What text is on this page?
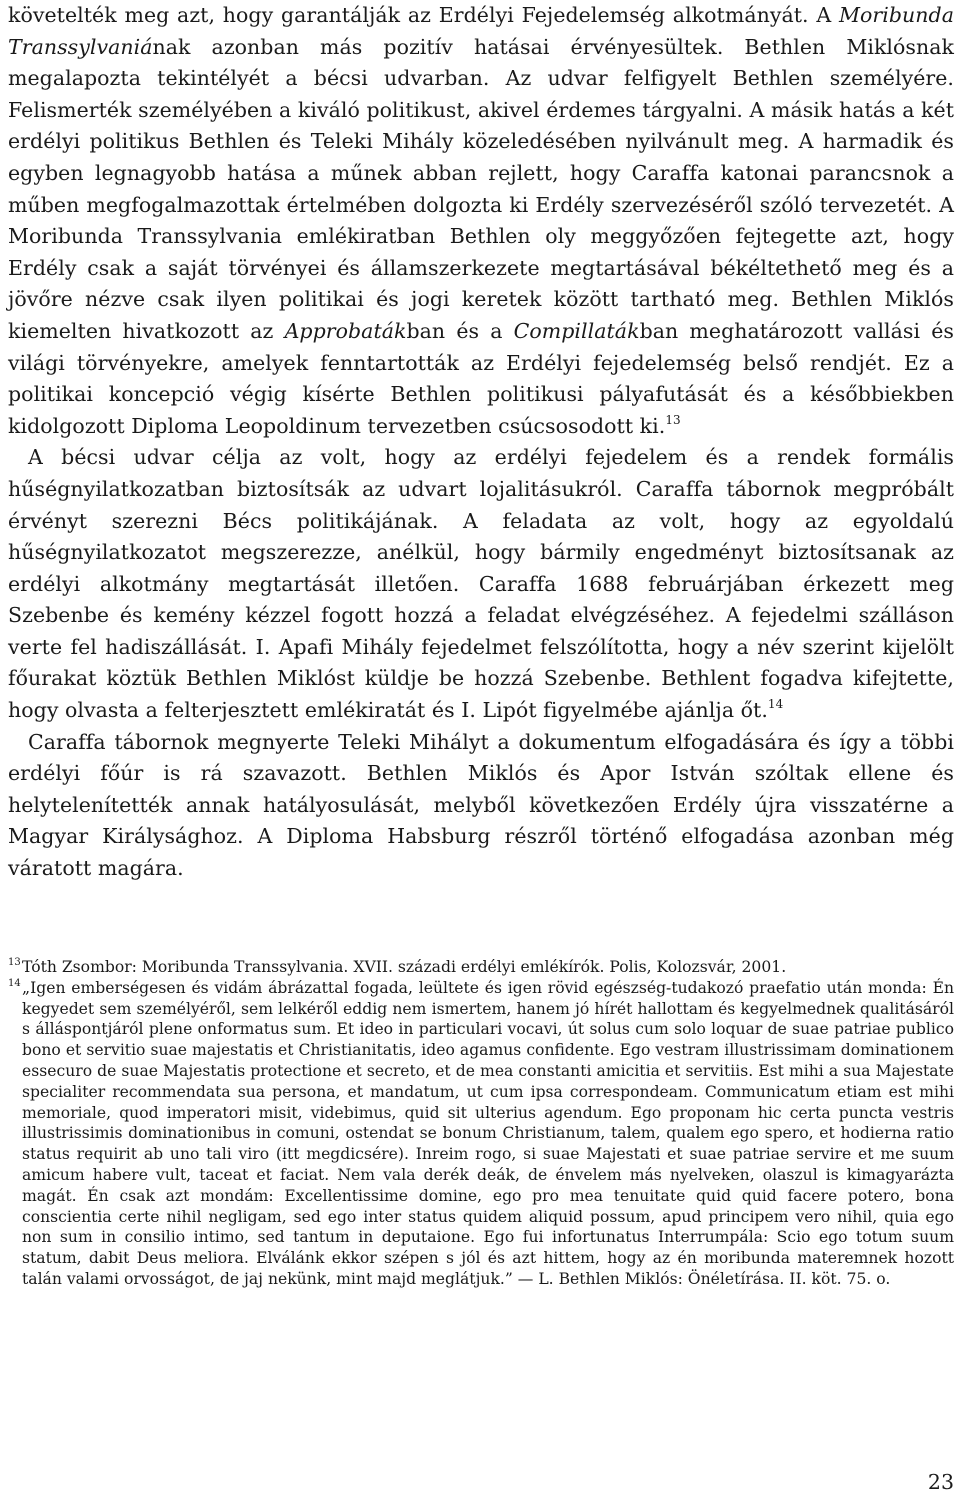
követelték meg azt, hogy garantálják az Erdélyi Fejedelemség alkotmányát. A Moribunda Transsylvaniának azonban más pozitív hatásai érvényesültek. Bethlen Miklósnak megalapozta tekintélyét a bécsi udvarban. Az udvar felfigyelt Bethlen személyére. Felismerték személyében a kiváló politikust, akivel érdemes tárgyalni. A másik hatás a két erdélyi politikus Bethlen és Teleki Mihály közeledésében nyilvánult meg. A harmadik és egyben legnagyobb hatása a műnek abban rejlett, hogy Caraffa katonai parancsnok a műben megfogalmazottak értelmében dolgozta ki Erdély szervezéséről szóló tervezetét. A Moribunda Transsylvania emlékiratban Bethlen oly meggyőzően fejtegette azt, hogy Erdély csak a saját törvényei és államszerkezete megtartásával békéltethető meg és a jövőre nézve csak ilyen politikai és jogi keretek között tartható meg. Bethlen Miklós kiemelten hivatkozott az Approbatákban és a Compillatákban meghatározott vallási és világi törvényekre, amelyek fenntartották az Erdélyi fejedelemség belső rendjét. Ez a politikai koncepció végig kísérte Bethlen politikusi pályafutását és a későbbiekben kidolgozott Diploma Leopoldinum tervezetben csúcsosodott ki.$^{13}$

A bécsi udvar célja az volt, hogy az erdélyi fejedelem és a rendek formális hűségnyilatkozatban biztosítsák az udvart lojalitásukról. Caraffa tábornok megpróbált érvényt szerezni Bécs politikájának. A feladata az volt, hogy az egyoldalú hűségnyilatkozatot megszerezze, anélkül, hogy bármily engedményt biztosítsanak az erdélyi alkotmány megtartását illetően. Caraffa 1688 februárjában érkezett meg Szebenbe és kemény kézzel fogott hozzá a feladat elvégzéséhez. A fejedelmi szálláson verte fel hadiszállását. I. Apafi Mihály fejedelmet felszólította, hogy a név szerint kijelölt főurakat köztük Bethlen Miklóst küldje be hozzá Szebenbe. Bethlent fogadva kifejtette, hogy olvasta a felterjesztett emlékiratát és I. Lipót figyelmébe ajánlja őt.$^{14}$

Caraffa tábornok megnyerte Teleki Mihályt a dokumentum elfogadására és így a többi erdélyi főúr is rá szavazott. Bethlen Miklós és Apor István szóltak ellene és helytelenítették annak hatályosulását, melyből következően Erdély újra visszatérne a Magyar Királysághoz. A Diploma Habsburg részről történő elfogadása azonban még váratott magára.

13 Tóth Zsombor: Moribunda Transsylvania. XVII. századi erdélyi emlékírók. Polis, Kolozsvár, 2001.

14 „Igen emberségesen és vidám ábrázattal fogada, leültete és igen rövid egészség-tudakozó praefatio után monda: Én kegyedet sem személyéről, sem lelkéről eddig nem ismertem, hanem jó hírét hallottam és kegyelmednek qualitásáról s álláspontjáról plene onformatus sum. Et ideo in particulari vocavi, út solus cum solo loquar de suae patriae publico bono et servitio suae majestatis et Christianitatis, ideo agamus confidente. Ego vestram illustrissimam dominationem essecuro de suae Majestatis protectione et secreto, et de mea constanti amicitia et servitiis. Est mihi a sua Majestate specialiter recommendata sua persona, et mandatum, ut cum ipsa correspondeam. Communicatum etiam est mihi memoriale, quod imperatori misit, videbimus, quid sit ulterius agendum. Ego proponam hic certa puncta vestris illustrissimis dominationibus in comuni, ostendat se bonum Christianum, talem, qualem ego spero, et hodierna ratio status requirit ab uno tali viro (itt megdicsére). Inreim rogo, si suae Majestati et suae patriae servire et me suum amicum habere vult, taceat et faciat. Nem vala derék deák, de énvelem más nyelveken, olaszul is kimagyarázta magát. Én csak azt mondám: Excellentissime domine, ego pro mea tenuitate quid quid facere potero, bona conscientia certe nihil negligam, sed ego inter status quidem aliquid possum, apud principem vero nihil, quia ego non sum in consilio intimo, sed tantum in deputaione. Ego fui infortunatus Interrumpála: Scio ego totum suum statum, dabit Deus meliora. Elválánk ekkor szépen s jól és azt hittem, hogy az én moribunda materemnek hozott talán valami orvosságot, de jaj nekünk, mint majd meglátjuk.” — L. Bethlen Miklós: Önéletírása. II. köt. 75. o.

23
